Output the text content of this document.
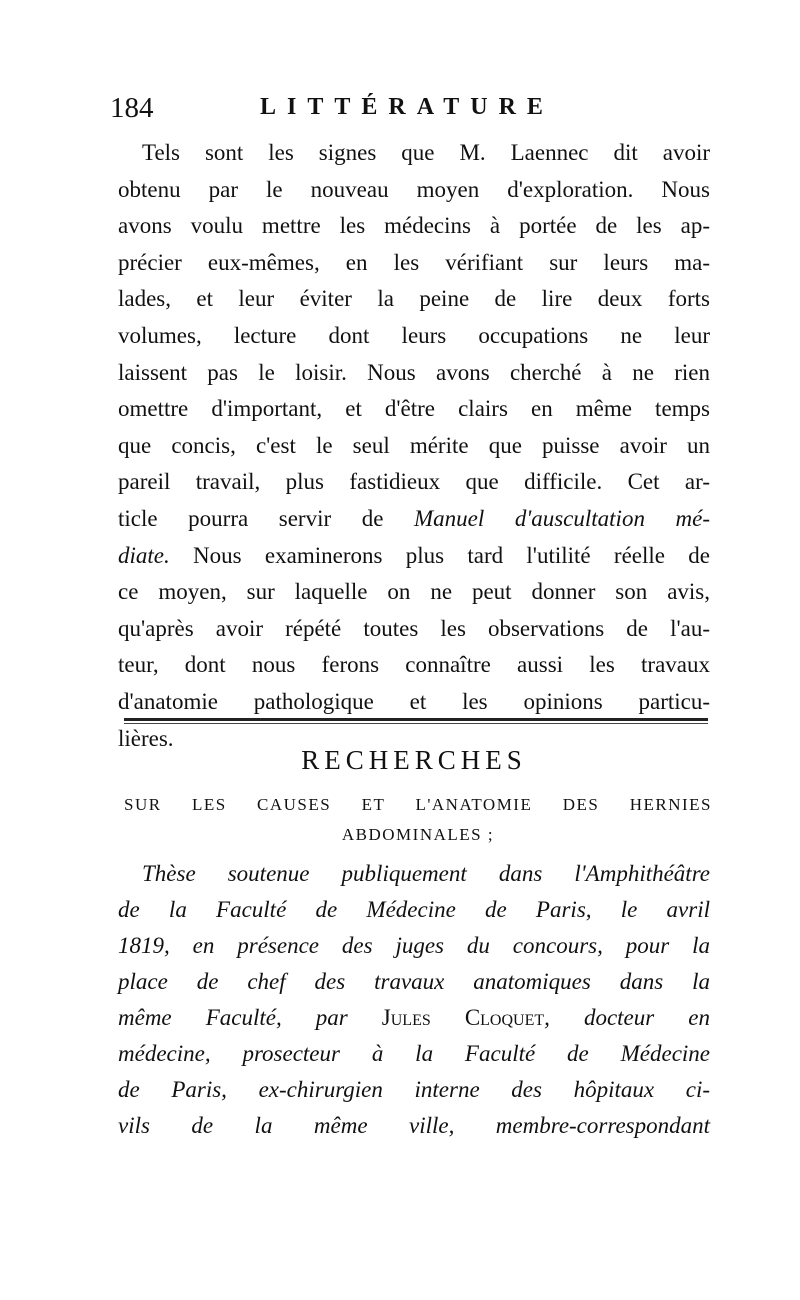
184	LITTÉRATURE
Tels sont les signes que M. Laennec dit avoir
obtenu par le nouveau moyen d'exploration. Nous
avons voulu mettre les médecins à portée de les ap-
précier eux-mêmes, en les vérifiant sur leurs ma-
lades, et leur éviter la peine de lire deux forts
volumes, lecture dont leurs occupations ne leur
laissent pas le loisir. Nous avons cherché à ne rien
omettre d'important, et d'être clairs en même temps
que concis, c'est le seul mérite que puisse avoir un
pareil travail, plus fastidieux que difficile. Cet ar-
ticle pourra servir de Manuel d'auscultation mé-
diate. Nous examinerons plus tard l'utilité réelle de
ce moyen, sur laquelle on ne peut donner son avis,
qu'après avoir répété toutes les observations de l'au-
teur, dont nous ferons connaître aussi les travaux
d'anatomie pathologique et les opinions particu-
lières.
RECHERCHES
SUR LES CAUSES ET L'ANATOMIE DES HERNIES
ABDOMINALES ;
Thèse soutenue publiquement dans l'Amphithéâtre
de la Faculté de Médecine de Paris, le avril
1819, en présence des juges du concours, pour la
place de chef des travaux anatomiques dans la
même Faculté, par Jules Cloquet, docteur en
médecine, prosecteur à la Faculté de Médecine
de Paris, ex-chirurgien interne des hôpitaux ci-
vils de la même ville, membre-correspondant
